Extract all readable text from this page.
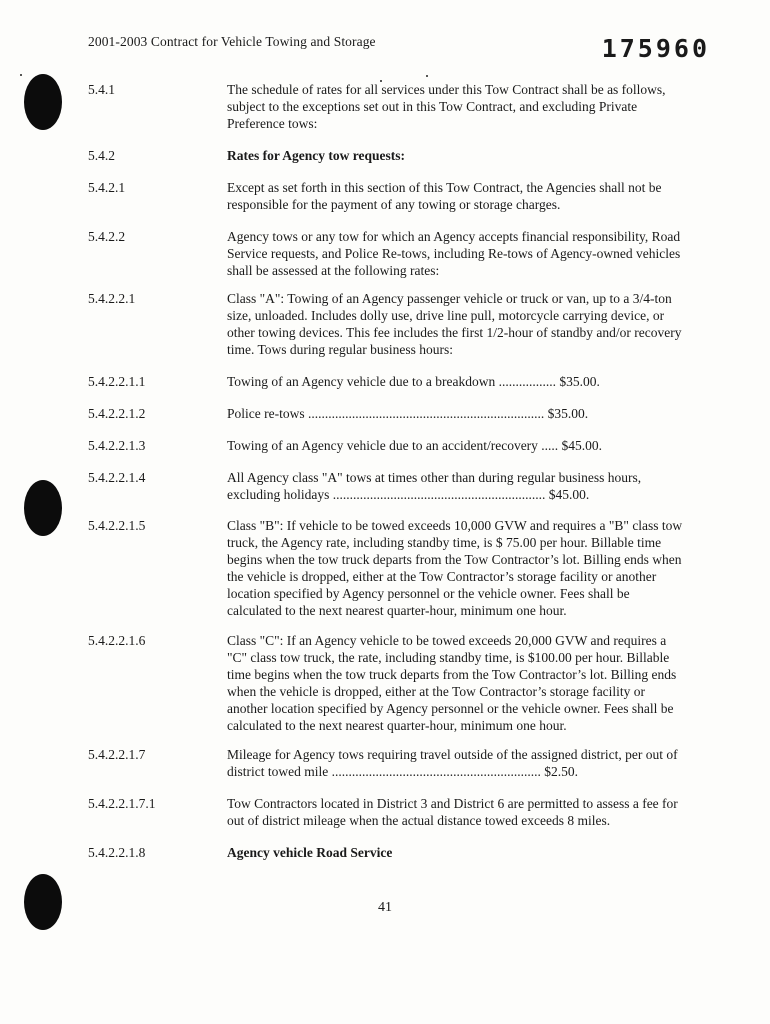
2001-2003 Contract for Vehicle Towing and Storage	175960
5.4.1	The schedule of rates for all services under this Tow Contract shall be as follows, subject to the exceptions set out in this Tow Contract, and excluding Private Preference tows:
5.4.2	Rates for Agency tow requests:
5.4.2.1	Except as set forth in this section of this Tow Contract, the Agencies shall not be responsible for the payment of any towing or storage charges.
5.4.2.2	Agency tows or any tow for which an Agency accepts financial responsibility, Road Service requests, and Police Re-tows, including Re-tows of Agency-owned vehicles shall be assessed at the following rates:
5.4.2.2.1	Class "A": Towing of an Agency passenger vehicle or truck or van, up to a 3/4-ton size, unloaded. Includes dolly use, drive line pull, motorcycle carrying device, or other towing devices. This fee includes the first 1/2-hour of standby and/or recovery time. Tows during regular business hours:
5.4.2.2.1.1	Towing of an Agency vehicle due to a breakdown ................. $35.00.
5.4.2.2.1.2	Police re-tows ...................................................................... $35.00.
5.4.2.2.1.3	Towing of an Agency vehicle due to an accident/recovery ..... $45.00.
5.4.2.2.1.4	All Agency class "A" tows at times other than during regular business hours, excluding holidays ............................................................... $45.00.
5.4.2.2.1.5	Class "B": If vehicle to be towed exceeds 10,000 GVW and requires a "B" class tow truck, the Agency rate, including standby time, is $ 75.00 per hour. Billable time begins when the tow truck departs from the Tow Contractor’s lot. Billing ends when the vehicle is dropped, either at the Tow Contractor’s storage facility or another location specified by Agency personnel or the vehicle owner. Fees shall be calculated to the next nearest quarter-hour, minimum one hour.
5.4.2.2.1.6	Class "C": If an Agency vehicle to be towed exceeds 20,000 GVW and requires a "C" class tow truck, the rate, including standby time, is $100.00 per hour. Billable time begins when the tow truck departs from the Tow Contractor’s lot. Billing ends when the vehicle is dropped, either at the Tow Contractor’s storage facility or another location specified by Agency personnel or the vehicle owner. Fees shall be calculated to the next nearest quarter-hour, minimum one hour.
5.4.2.2.1.7	Mileage for Agency tows requiring travel outside of the assigned district, per out of district towed mile .............................................................. $2.50.
5.4.2.2.1.7.1	Tow Contractors located in District 3 and District 6 are permitted to assess a fee for out of district mileage when the actual distance towed exceeds 8 miles.
5.4.2.2.1.8	Agency vehicle Road Service
41
